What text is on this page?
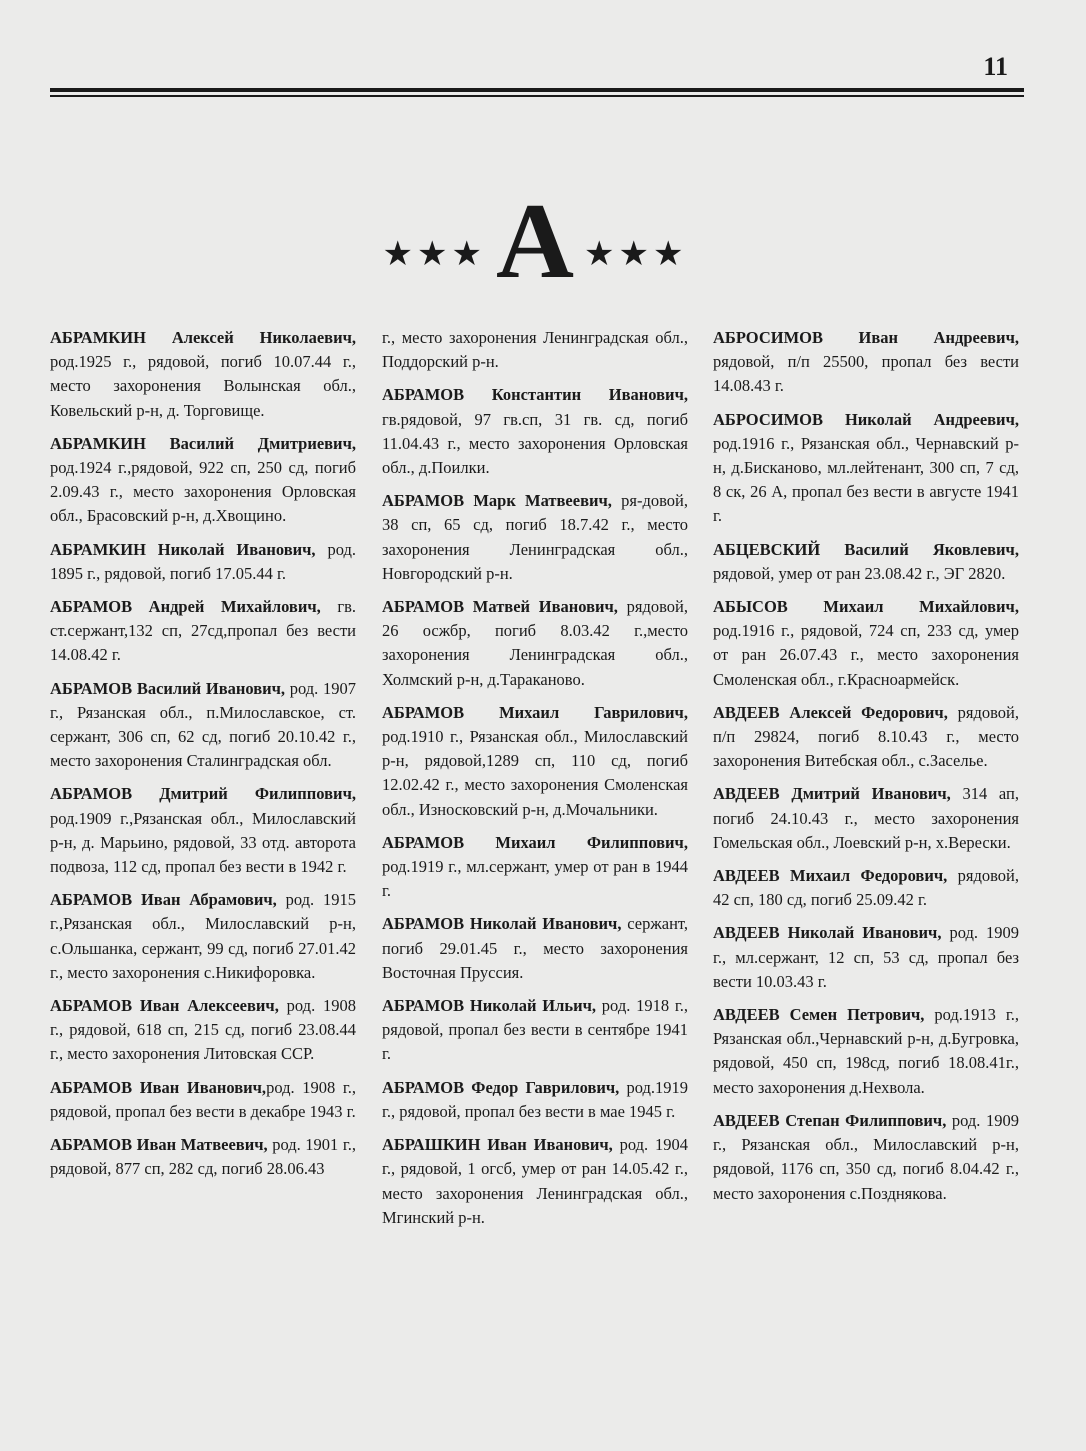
11
★★★А ★★★

АБРАМКИН Алексей Николаевич, род.1925 г., рядовой, погиб 10.07.44 г., место захоронения Волынская обл., Ковельский р-н, д. Торговище.

АБРАМКИН Василий Дмитриевич, род.1924 г.,рядовой, 922 сп, 250 сд, погиб 2.09.43 г., место захоронения Орловская обл., Брасовский р-н, д.Хвощино.

АБРАМКИН Николай Иванович, род. 1895 г., рядовой, погиб 17.05.44 г.

АБРАМОВ Андрей Михайлович, гв. ст.сержант,132 сп, 27сд,пропал без вести 14.08.42 г.

АБРАМОВ Василий Иванович, род. 1907 г., Рязанская обл., п.Милославское, ст. сержант, 306 сп, 62 сд, погиб 20.10.42 г., место захоронения Сталинградская обл.

АБРАМОВ Дмитрий Филиппович, род.1909 г.,Рязанская обл., Милославский р-н, д. Марьино, рядовой, 33 отд. авторота подвоза, 112 сд, пропал без вести в 1942 г.

АБРАМОВ Иван Абрамович, род. 1915 г.,Рязанская обл., Милославский р-н, с.Ольшанка, сержант, 99 сд, погиб 27.01.42 г., место захоронения с.Никифоровка.

АБРАМОВ Иван Алексеевич, род. 1908 г., рядовой, 618 сп, 215 сд, погиб 23.08.44 г., место захоронения Литовская ССР.

АБРАМОВ Иван Иванович,род. 1908 г., рядовой, пропал без вести в декабре 1943 г.

АБРАМОВ Иван Матвеевич, род. 1901 г., рядовой, 877 сп, 282 сд, погиб 28.06.43

г., место захоронения Ленинградская обл., Поддорский р-н.

АБРАМОВ Константин Иванович, гв.рядовой, 97 гв.сп, 31 гв. сд, погиб 11.04.43 г., место захоронения Орловская обл., д.Поилки.

АБРАМОВ Марк Матвеевич, ря-довой, 38 сп, 65 сд, погиб 18.7.42 г., место захоронения Ленинградская обл., Новгородский р-н.

АБРАМОВ Матвей Иванович, рядовой, 26 осжбр, погиб 8.03.42 г.,место захоронения Ленинградская обл., Холмский р-н, д.Тараканово.

АБРАМОВ Михаил Гаврилович, род.1910 г., Рязанская обл., Милославский р-н, рядовой,1289 сп, 110 сд, погиб 12.02.42 г., место захоронения Смоленская обл., Износковский р-н, д.Мочальники.

АБРАМОВ Михаил Филиппович, род.1919 г., мл.сержант, умер от ран в 1944 г.

АБРАМОВ Николай Иванович, сержант, погиб 29.01.45 г., место захоронения Восточная Пруссия.

АБРАМОВ Николай Ильич, род. 1918 г., рядовой, пропал без вести в сентябре 1941 г.

АБРАМОВ Федор Гаврилович, род.1919 г., рядовой, пропал без вести в мае 1945 г.

АБРАШКИН Иван Иванович, род. 1904 г., рядовой, 1 огсб, умер от ран 14.05.42 г., место захоронения Ленинградская обл., Мгинский р-н.

АБРОСИМОВ Иван Андреевич, рядовой, п/п 25500, пропал без вести 14.08.43 г.

АБРОСИМОВ Николай Андреевич, род.1916 г., Рязанская обл., Чернавский р-н, д.Бисканово, мл.лейтенант, 300 сп, 7 сд, 8 ск, 26 А, пропал без вести в августе 1941 г.

АБЦЕВСКИЙ Василий Яковлевич, рядовой, умер от ран 23.08.42 г., ЭГ 2820.

АБЫСОВ Михаил Михайлович, род.1916 г., рядовой, 724 сп, 233 сд, умер от ран 26.07.43 г., место захоронения Смоленская обл., г.Красноармейск.

АВДЕЕВ Алексей Федорович, рядовой, п/п 29824, погиб 8.10.43 г., место захоронения Витебская обл., с.Заселье.

АВДЕЕВ Дмитрий Иванович, 314 ап, погиб 24.10.43 г., место захоронения Гомельская обл., Лоевский р-н, х.Верески.

АВДЕЕВ Михаил Федорович, рядовой, 42 сп, 180 сд, погиб 25.09.42 г.

АВДЕЕВ Николай Иванович, род. 1909 г., мл.сержант, 12 сп, 53 сд, пропал без вести 10.03.43 г.

АВДЕЕВ Семен Петрович, род.1913 г., Рязанская обл.,Чернавский р-н, д.Бугровка, рядовой, 450 сп, 198сд, погиб 18.08.41г., место захоронения д.Нехвола.

АВДЕЕВ Степан Филиппович, род. 1909 г., Рязанская обл., Милославский р-н, рядовой, 1176 сп, 350 сд, погиб 8.04.42 г., место захоронения с.Позднякова.
